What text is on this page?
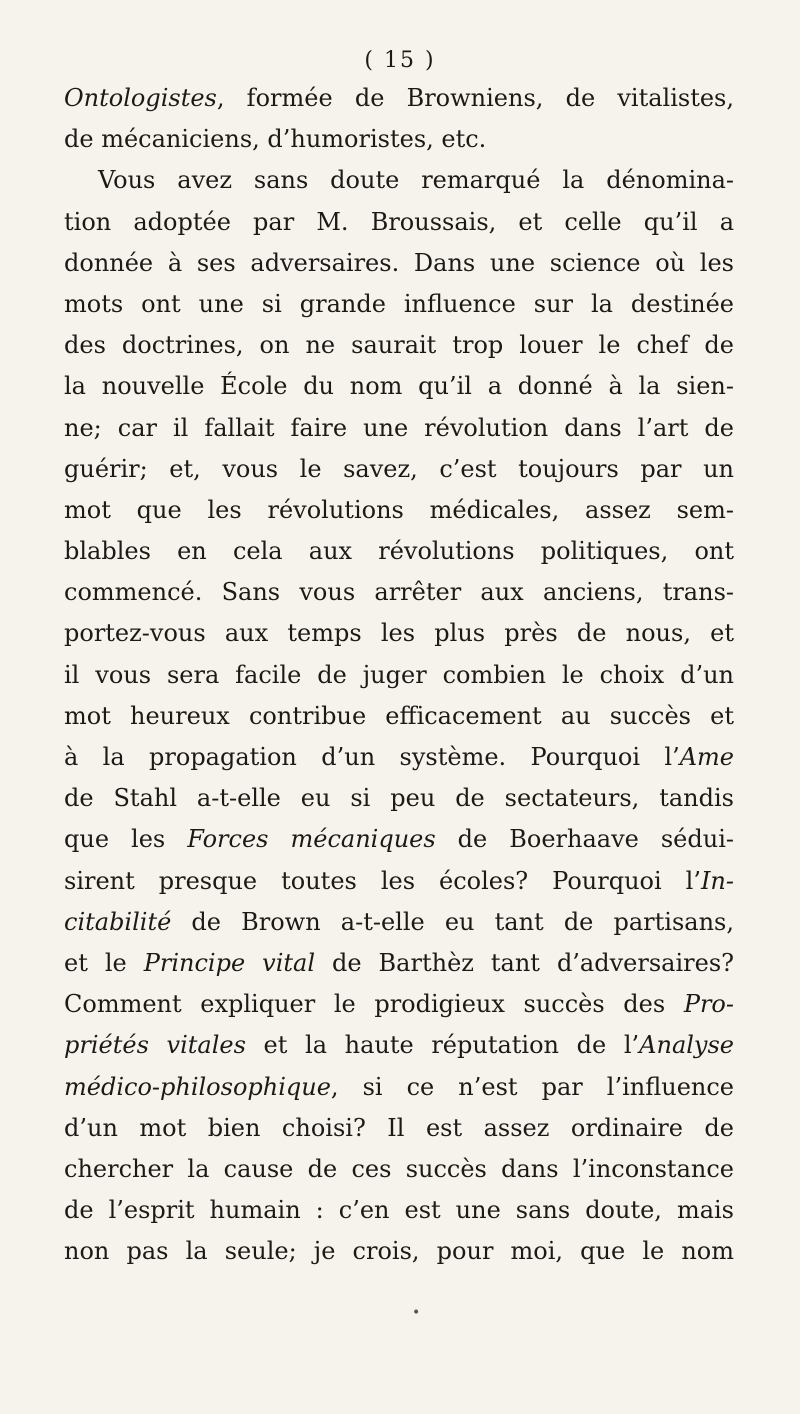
( 15 )
Ontologistes, formée de Browniens, de vitalistes,
de mécaniciens, d’humoristes, etc.
Vous avez sans doute remarqué la dénomina-
tion adoptée par M. Broussais, et celle qu’il a
donnée à ses adversaires. Dans une science où les
mots ont une si grande influence sur la destinée
des doctrines, on ne saurait trop louer le chef de
la nouvelle École du nom qu’il a donné à la sien-
ne; car il fallait faire une révolution dans l’art de
guérir; et, vous le savez, c’est toujours par un
mot que les révolutions médicales, assez sem-
blables en cela aux révolutions politiques, ont
commencé. Sans vous arrêter aux anciens, trans-
portez-vous aux temps les plus près de nous, et
il vous sera facile de juger combien le choix d’un
mot heureux contribue efficacement au succès et
à la propagation d’un système. Pourquoi l’Ame
de Stahl a-t-elle eu si peu de sectateurs, tandis
que les Forces mécaniques de Boerhaave sédui-
sirent presque toutes les écoles? Pourquoi l’In-
citabilité de Brown a-t-elle eu tant de partisans,
et le Principe vital de Barthèz tant d’adversaires?
Comment expliquer le prodigieux succès des Pro-
priétés vitales et la haute réputation de l’Analyse
médico-philosophique, si ce n’est par l’influence
d’un mot bien choisi? Il est assez ordinaire de
chercher la cause de ces succès dans l’inconstance
de l’esprit humain : c’en est une sans doute, mais
non pas la seule; je crois, pour moi, que le nom
•
